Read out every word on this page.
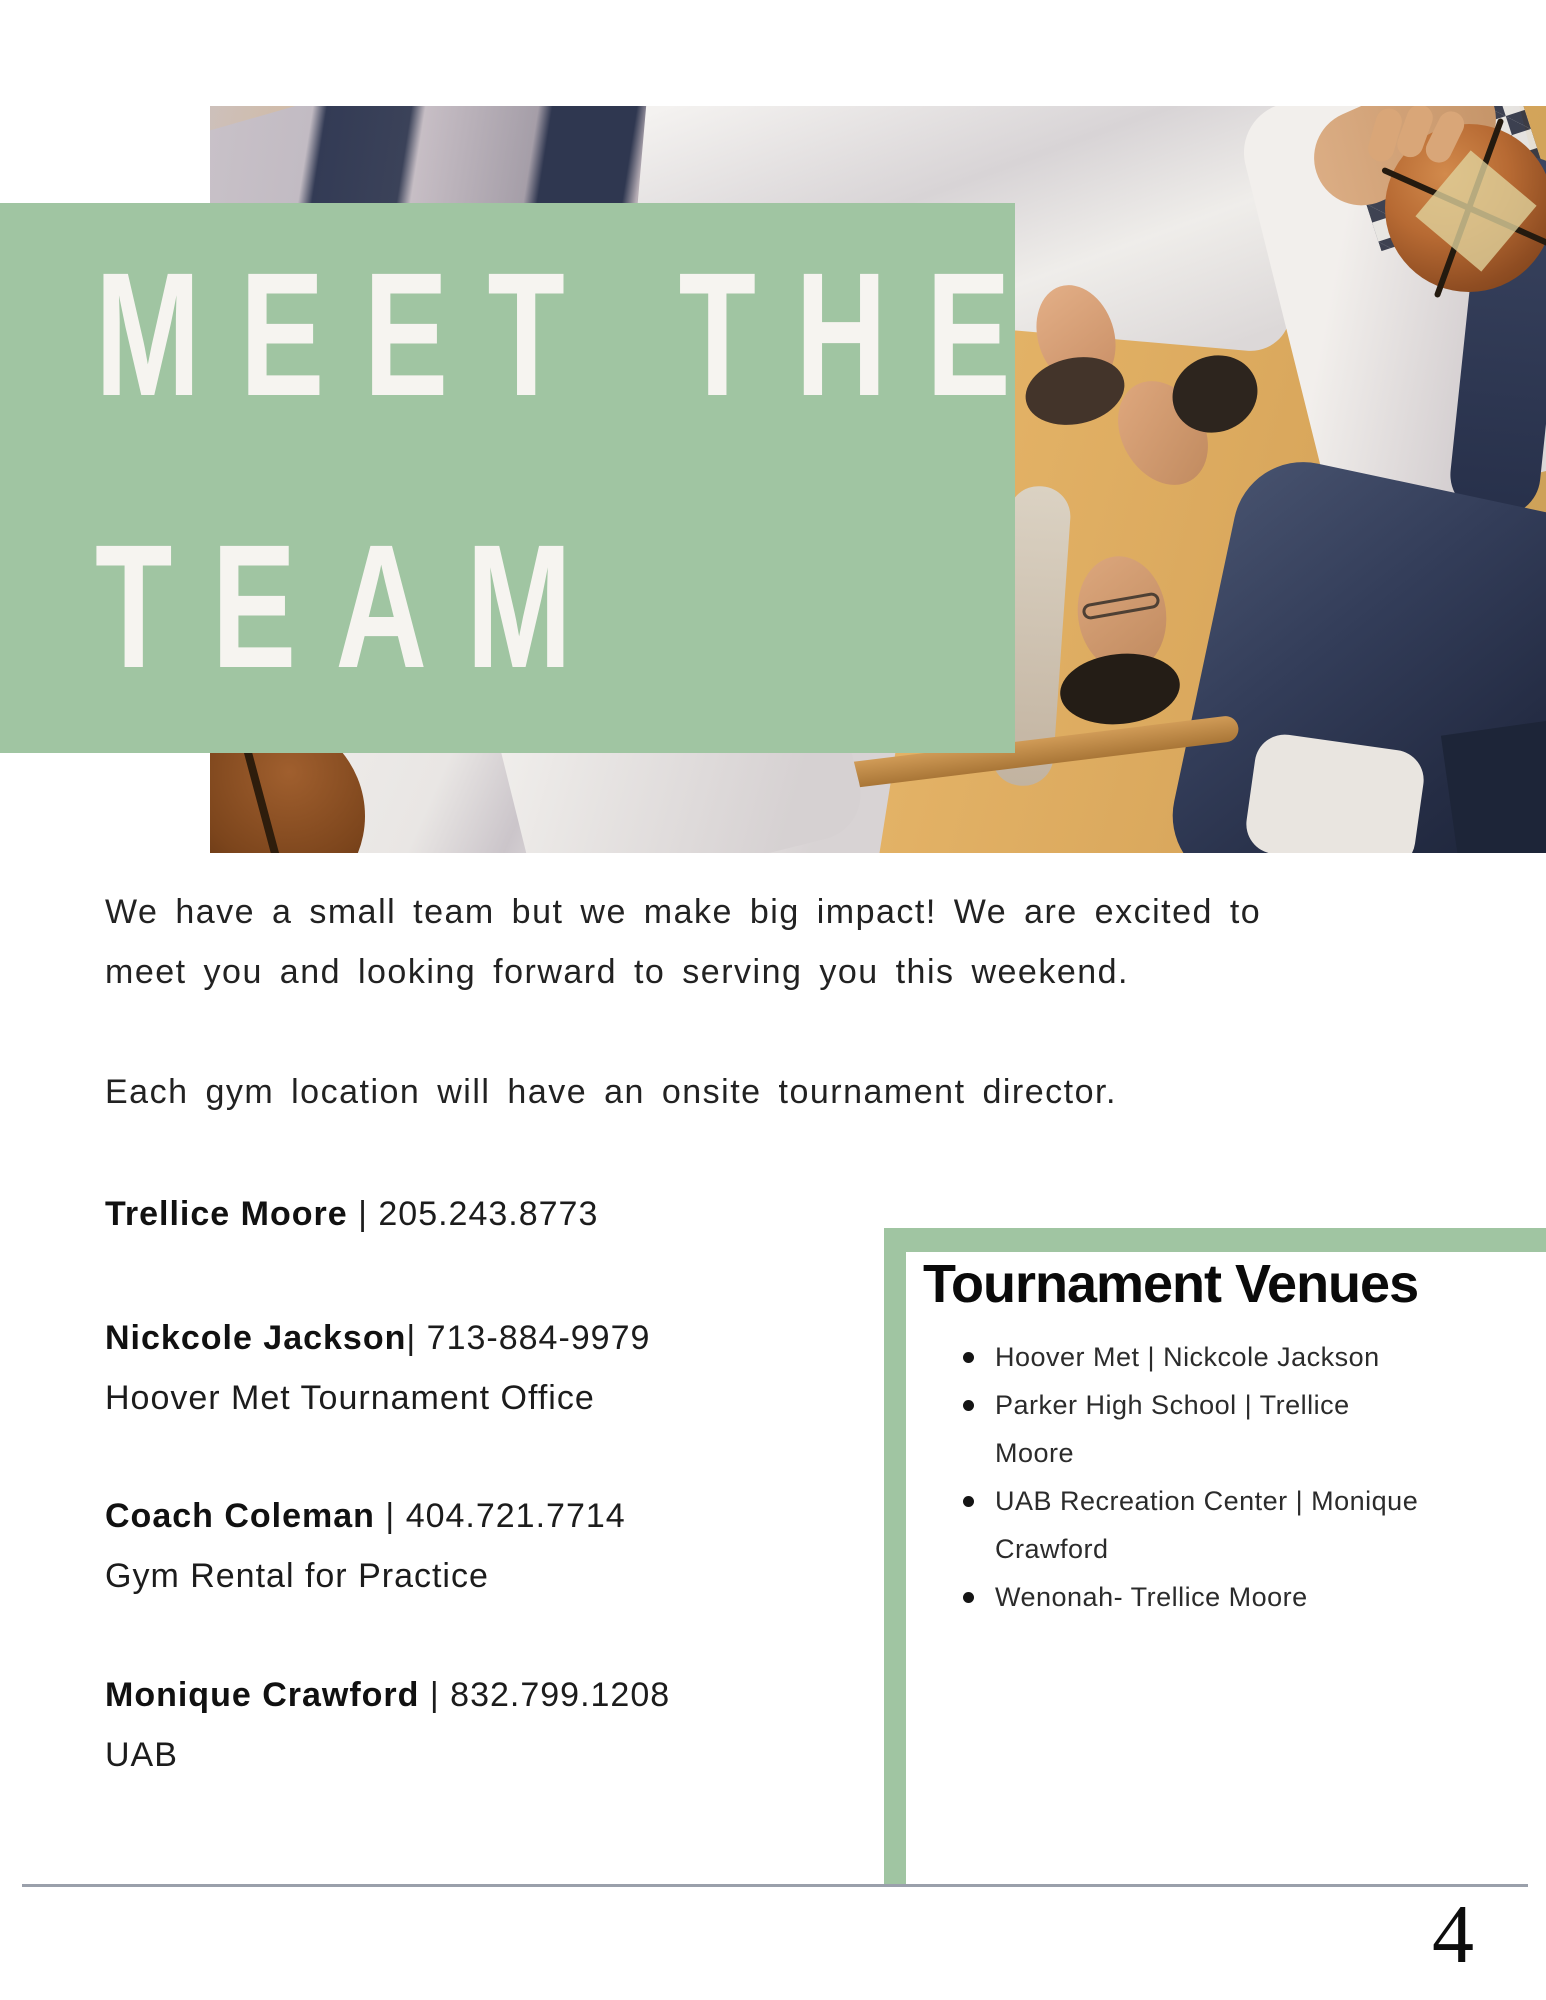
MEET THE
TEAM

We have a small team but we make big impact! We are excited to meet you and looking forward to serving you this weekend.

Each gym location will have an onsite tournament director.

Trellice Moore | 205.243.8773
Nickcole Jackson| 713-884-9979
Hoover Met Tournament Office
Coach Coleman | 404.721.7714
Gym Rental for Practice
Monique Crawford | 832.799.1208
UAB
Tournament Venues
Hoover Met | Nickcole Jackson
Parker High School | Trellice Moore
UAB Recreation Center | Monique Crawford
Wenonah- Trellice Moore
4
